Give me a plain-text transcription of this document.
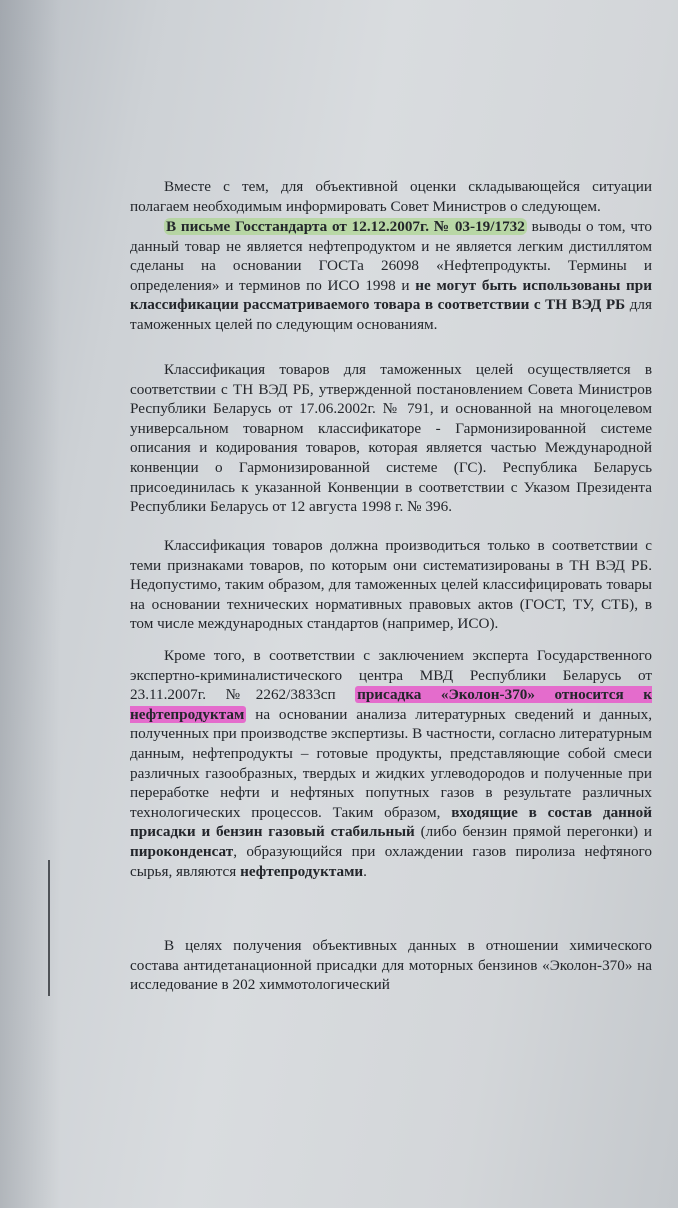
Вместе с тем, для объективной оценки складывающейся ситуации полагаем необходимым информировать Совет Министров о следующем.

В письме Госстандарта от 12.12.2007г. № 03-19/1732 выводы о том, что данный товар не является нефтепродуктом и не является легким дистиллятом сделаны на основании ГОСТа 26098 «Нефтепродукты. Термины и определения» и терминов по ИСО 1998 и не могут быть использованы при классификации рассматриваемого товара в соответствии с ТН ВЭД РБ для таможенных целей по следующим основаниям.

Классификация товаров для таможенных целей осуществляется в соответствии с ТН ВЭД РБ, утвержденной постановлением Совета Министров Республики Беларусь от 17.06.2002г. № 791, и основанной на многоцелевом универсальном товарном классификаторе - Гармонизированной системе описания и кодирования товаров, которая является частью Международной конвенции о Гармонизированной системе (ГС). Республика Беларусь присоединилась к указанной Конвенции в соответствии с Указом Президента Республики Беларусь от 12 августа 1998 г. № 396.

Классификация товаров должна производиться только в соответствии с теми признаками товаров, по которым они систематизированы в ТН ВЭД РБ. Недопустимо, таким образом, для таможенных целей классифицировать товары на основании технических нормативных правовых актов (ГОСТ, ТУ, СТБ), в том числе международных стандартов (например, ИСО).

Кроме того, в соответствии с заключением эксперта Государственного экспертно-криминалистического центра МВД Республики Беларусь от 23.11.2007г. №2262/3833сп присадка «Эколон-370» относится к нефтепродуктам на основании анализа литературных сведений и данных, полученных при производстве экспертизы. В частности, согласно литературным данным, нефтепродукты – готовые продукты, представляющие собой смеси различных газообразных, твердых и жидких углеводородов и полученные при переработке нефти и нефтяных попутных газов в результате различных технологических процессов. Таким образом, входящие в состав данной присадки и бензин газовый стабильный (либо бензин прямой перегонки) и пироконденсат, образующийся при охлаждении газов пиролиза нефтяного сырья, являются нефтепродуктами.

В целях получения объективных данных в отношении химического состава антидетанационной присадки для моторных бензинов «Эколон-370» на исследование в 202 химмотологический
